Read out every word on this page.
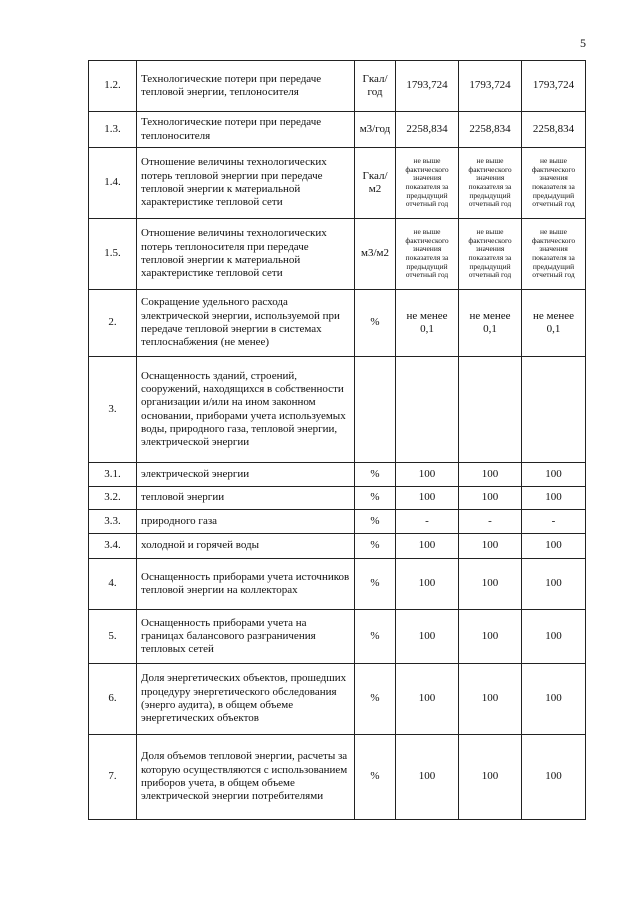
5
1.2.	Технологические потери при передаче тепловой энергии, теплоносителя	Гкал/год	1793,724	1793,724	1793,724
1.3.	Технологические потери при передаче теплоносителя	м3/год	2258,834	2258,834	2258,834
1.4.	Отношение величины технологических потерь тепловой энергии при передаче тепловой энергии к материальной характеристике тепловой сети	Гкал/м2	не выше фактического значения показателя за предыдущий отчетный год	не выше фактического значения показателя за предыдущий отчетный год	не выше фактического значения показателя за предыдущий отчетный год
1.5.	Отношение величины технологических потерь теплоносителя при передаче тепловой энергии к материальной характеристике тепловой сети	м3/м2	не выше фактического значения показателя за предыдущий отчетный год	не выше фактического значения показателя за предыдущий отчетный год	не выше фактического значения показателя за предыдущий отчетный год
2.	Сокращение удельного расхода электрической энергии, используемой при передаче тепловой энергии в системах теплоснабжения (не менее)	%	не менее 0,1	не менее 0,1	не менее 0,1
3.	Оснащенность зданий, строений, сооружений, находящихся в собственности организации и/или на ином законном основании, приборами учета используемых воды, природного газа, тепловой энергии, электрической энергии				
3.1.	электрической энергии	%	100	100	100
3.2.	тепловой энергии	%	100	100	100
3.3.	природного газа	%	-	-	-
3.4.	холодной и горячей воды	%	100	100	100
4.	Оснащенность приборами учета источников тепловой энергии на коллекторах	%	100	100	100
5.	Оснащенность приборами учета на границах балансового разграничения тепловых сетей	%	100	100	100
6.	Доля энергетических объектов, прошедших процедуру энергетического обследования (энерго аудита), в общем объеме энергетических объектов	%	100	100	100
7.	Доля объемов тепловой энергии, расчеты за которую осуществляются с использованием приборов учета, в общем объеме электрической энергии потребителями	%	100	100	100
